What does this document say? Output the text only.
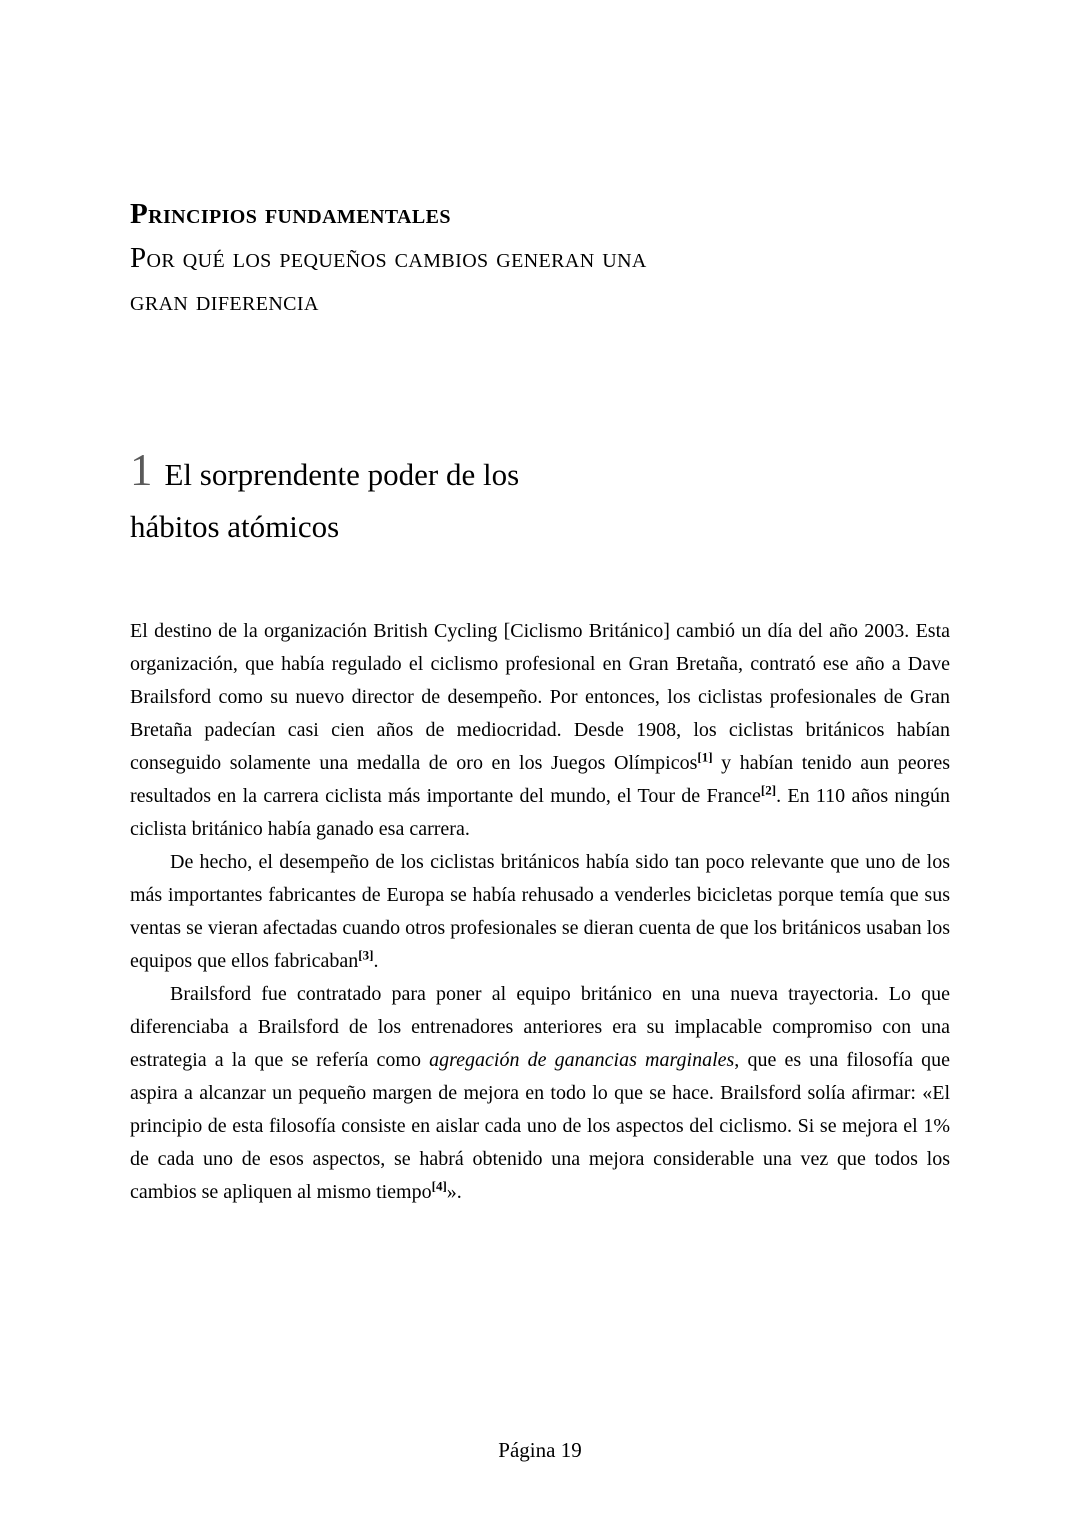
Principios fundamentales
Por qué los pequeños cambios generan una
gran diferencia
1 El sorprendente poder de los
hábitos atómicos

El destino de la organización British Cycling [Ciclismo Británico] cambió un día del año 2003. Esta organización, que había regulado el ciclismo profesional en Gran Bretaña, contrató ese año a Dave Brailsford como su nuevo director de desempeño. Por entonces, los ciclistas profesionales de Gran Bretaña padecían casi cien años de mediocridad. Desde 1908, los ciclistas británicos habían conseguido solamente una medalla de oro en los Juegos Olímpicos[1] y habían tenido aun peores resultados en la carrera ciclista más importante del mundo, el Tour de France[2]. En 110 años ningún ciclista británico había ganado esa carrera.

De hecho, el desempeño de los ciclistas británicos había sido tan poco relevante que uno de los más importantes fabricantes de Europa se había rehusado a venderles bicicletas porque temía que sus ventas se vieran afectadas cuando otros profesionales se dieran cuenta de que los británicos usaban los equipos que ellos fabricaban[3].

Brailsford fue contratado para poner al equipo británico en una nueva trayectoria. Lo que diferenciaba a Brailsford de los entrenadores anteriores era su implacable compromiso con una estrategia a la que se refería como agregación de ganancias marginales, que es una filosofía que aspira a alcanzar un pequeño margen de mejora en todo lo que se hace. Brailsford solía afirmar: «El principio de esta filosofía consiste en aislar cada uno de los aspectos del ciclismo. Si se mejora el 1% de cada uno de esos aspectos, se habrá obtenido una mejora considerable una vez que todos los cambios se apliquen al mismo tiempo[4]».

Página 19
